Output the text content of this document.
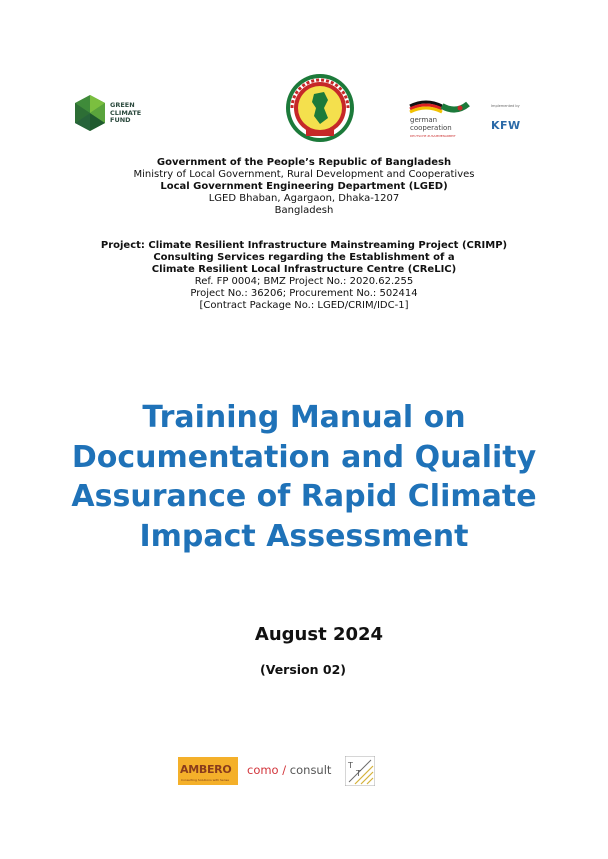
GREEN
CLIMATE
FUND	german
cooperation
DEUTSCHE ZUSAMMENARBEIT
Implemented by
KFW
Government of the People’s Republic of Bangladesh
Ministry of Local Government, Rural Development and Cooperatives
Local Government Engineering Department (LGED)
LGED Bhaban, Agargaon, Dhaka-1207
Bangladesh
Project: Climate Resilient Infrastructure Mainstreaming Project (CRIMP)
Consulting Services regarding the Establishment of a
Climate Resilient Local Infrastructure Centre (CReLIC)
Ref. FP 0004; BMZ Project No.: 2020.62.255
Project No.: 36206; Procurement No.: 502414
[Contract Package No.: LGED/CRIM/IDC-1]
Training Manual on
Documentation and Quality
Assurance of Rapid Climate
Impact Assessment
August 2024
(Version 02)
AMBERO
Consulting Solutions with Sense
como / consult T
T
